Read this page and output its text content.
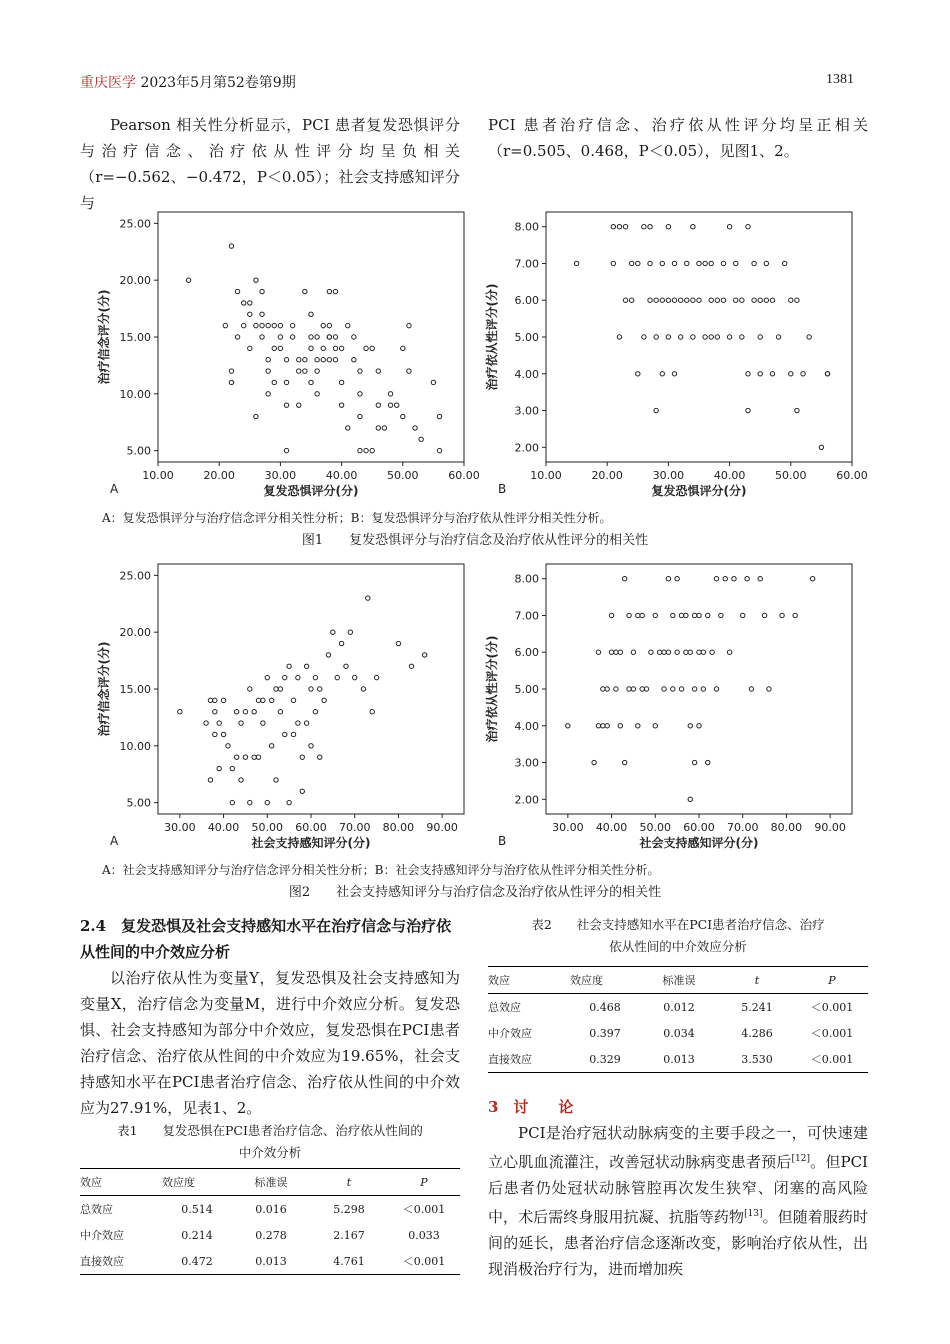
重庆医学 2023年5月第52卷第9期	1381
Pearson 相关性分析显示，PCI 患者复发恐惧评分与治疗信念、治疗依从性评分均呈负相关（r=−0.562、−0.472，P＜0.05）；社会支持感知评分与
PCI 患者治疗信念、治疗依从性评分均呈正相关（r=0.505、0.468，P＜0.05），见图1、2。
5.00
10.00
15.00
20.00
25.00
10.00	20.00	30.00	40.00	50.00	60.00
复发恐惧评分(分)
治疗信念评分(分)
A
2.00
3.00
4.00
5.00
6.00
7.00
8.00
10.00	20.00	30.00	40.00	50.00	60.00
复发恐惧评分(分)
治疗依从性评分(分)
B
A：复发恐惧评分与治疗信念评分相关性分析；B：复发恐惧评分与治疗依从性评分相关性分析。
图1　　复发恐惧评分与治疗信念及治疗依从性评分的相关性
5.00
10.00
15.00
20.00
25.00
30.00 40.00 50.00 60.00 70.00 80.00 90.00
社会支持感知评分(分)
治疗信念评分(分)
A
2.00
3.00
4.00
5.00
6.00
7.00
8.00
30.00 40.00 50.00 60.00 70.00 80.00 90.00
社会支持感知评分(分)
治疗依从性评分(分)
B
A：社会支持感知评分与治疗信念评分相关性分析；B：社会支持感知评分与治疗依从性评分相关性分析。
图2　　社会支持感知评分与治疗信念及治疗依从性评分的相关性
2.4　复发恐惧及社会支持感知水平在治疗信念与治疗依从性间的中介效应分析
以治疗依从性为变量Y，复发恐惧及社会支持感知为变量X，治疗信念为变量M，进行中介效应分析。复发恐惧、社会支持感知为部分中介效应，复发恐惧在PCI患者治疗信念、治疗依从性间的中介效应为19.65%，社会支持感知水平在PCI患者治疗信念、治疗依从性间的中介效应为27.91%，见表1、2。
表1　　复发恐惧在PCI患者治疗信念、治疗依从性间的
中介效分析
效应	效应度	标准误	t	P
总效应	0.514	0.016	5.298	＜0.001
中介效应	0.214	0.278	2.167	0.033
直接效应	0.472	0.013	4.761	＜0.001
表2　　社会支持感知水平在PCI患者治疗信念、治疗
依从性间的中介效应分析
效应	效应度	标准误	t	P
总效应	0.468	0.012	5.241	＜0.001
中介效应	0.397	0.034	4.286	＜0.001
直接效应	0.329	0.013	3.530	＜0.001
3　讨　　论
PCI是治疗冠状动脉病变的主要手段之一，可快速建立心肌血流灌注，改善冠状动脉病变患者预后[12]。但PCI后患者仍处冠状动脉管腔再次发生狭窄、闭塞的高风险中，术后需终身服用抗凝、抗脂等药物[13]。但随着服药时间的延长，患者治疗信念逐渐改变，影响治疗依从性，出现消极治疗行为，进而增加疾
